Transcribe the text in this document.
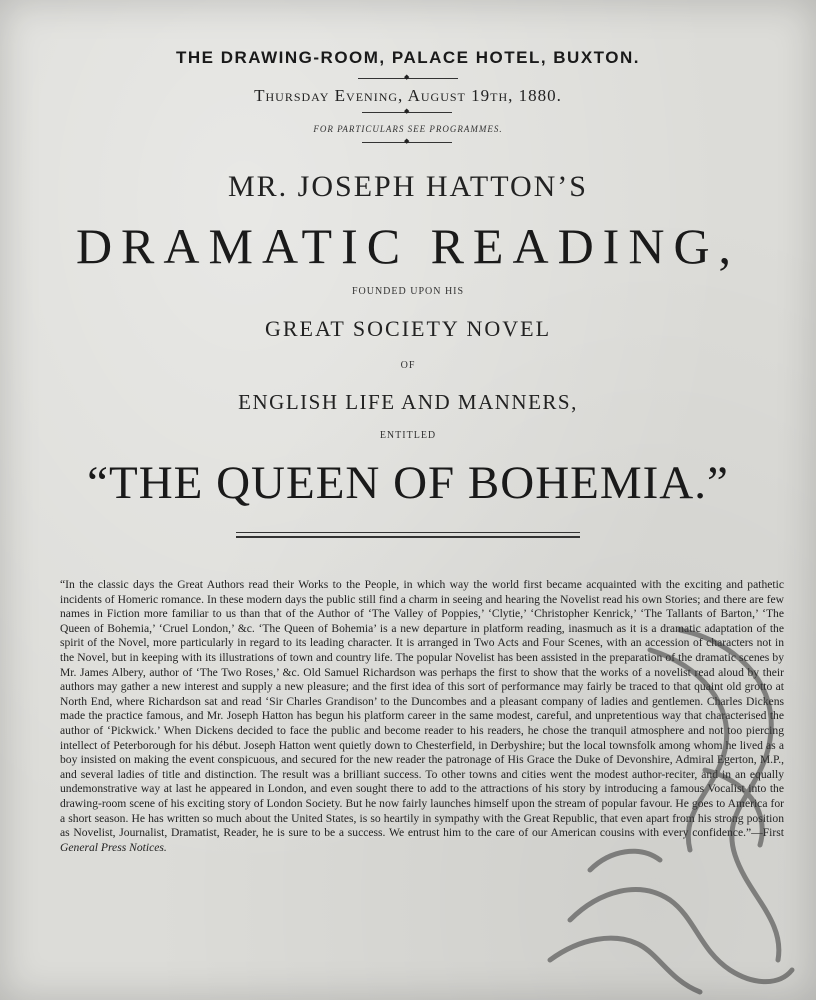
THE DRAWING-ROOM, PALACE HOTEL, BUXTON.
◆
Thursday Evening, August 19th, 1880.
◆
FOR PARTICULARS SEE PROGRAMMES.
◆
MR. JOSEPH HATTON’S
DRAMATIC READING,
FOUNDED UPON HIS
GREAT SOCIETY NOVEL
OF
ENGLISH LIFE AND MANNERS,
ENTITLED
“THE QUEEN OF BOHEMIA.”
“In the classic days the Great Authors read their Works to the People, in which way the world first became acquainted with the exciting and pathetic incidents of Homeric romance. In these modern days the public still find a charm in seeing and hearing the Novelist read his own Stories; and there are few names in Fiction more familiar to us than that of the Author of ‘The Valley of Poppies,’ ‘Clytie,’ ‘Christopher Kenrick,’ ‘The Tallants of Barton,’ ‘The Queen of Bohemia,’ ‘Cruel London,’ &c. ‘The Queen of Bohemia’ is a new departure in platform reading, inasmuch as it is a dramatic adaptation of the spirit of the Novel, more particularly in regard to its leading character. It is arranged in Two Acts and Four Scenes, with an accession of characters not in the Novel, but in keeping with its illustrations of town and country life. The popular Novelist has been assisted in the preparation of the dramatic scenes by Mr. James Albery, author of ‘The Two Roses,’ &c. Old Samuel Richardson was perhaps the first to show that the works of a novelist read aloud by their authors may gather a new interest and supply a new pleasure; and the first idea of this sort of performance may fairly be traced to that quaint old grotto at North End, where Richardson sat and read ‘Sir Charles Grandison’ to the Duncombes and a pleasant company of ladies and gentlemen. Charles Dickens made the practice famous, and Mr. Joseph Hatton has begun his platform career in the same modest, careful, and unpretentious way that characterised the author of ‘Pickwick.’ When Dickens decided to face the public and become reader to his readers, he chose the tranquil atmosphere and not too piercing intellect of Peterborough for his début. Joseph Hatton went quietly down to Chesterfield, in Derbyshire; but the local townsfolk among whom he lived as a boy insisted on making the event conspicuous, and secured for the new reader the patronage of His Grace the Duke of Devonshire, Admiral Egerton, M.P., and several ladies of title and distinction. The result was a brilliant success. To other towns and cities went the modest author-reciter, and in an equally undemonstrative way at last he appeared in London, and even sought there to add to the attractions of his story by introducing a famous Vocalist into the drawing-room scene of his exciting story of London Society. But he now fairly launches himself upon the stream of popular favour. He goes to America for a short season. He has written so much about the United States, is so heartily in sympathy with the Great Republic, that even apart from his strong position as Novelist, Journalist, Dramatist, Reader, he is sure to be a success. We entrust him to the care of our American cousins with every confidence.”—First General Press Notices.
